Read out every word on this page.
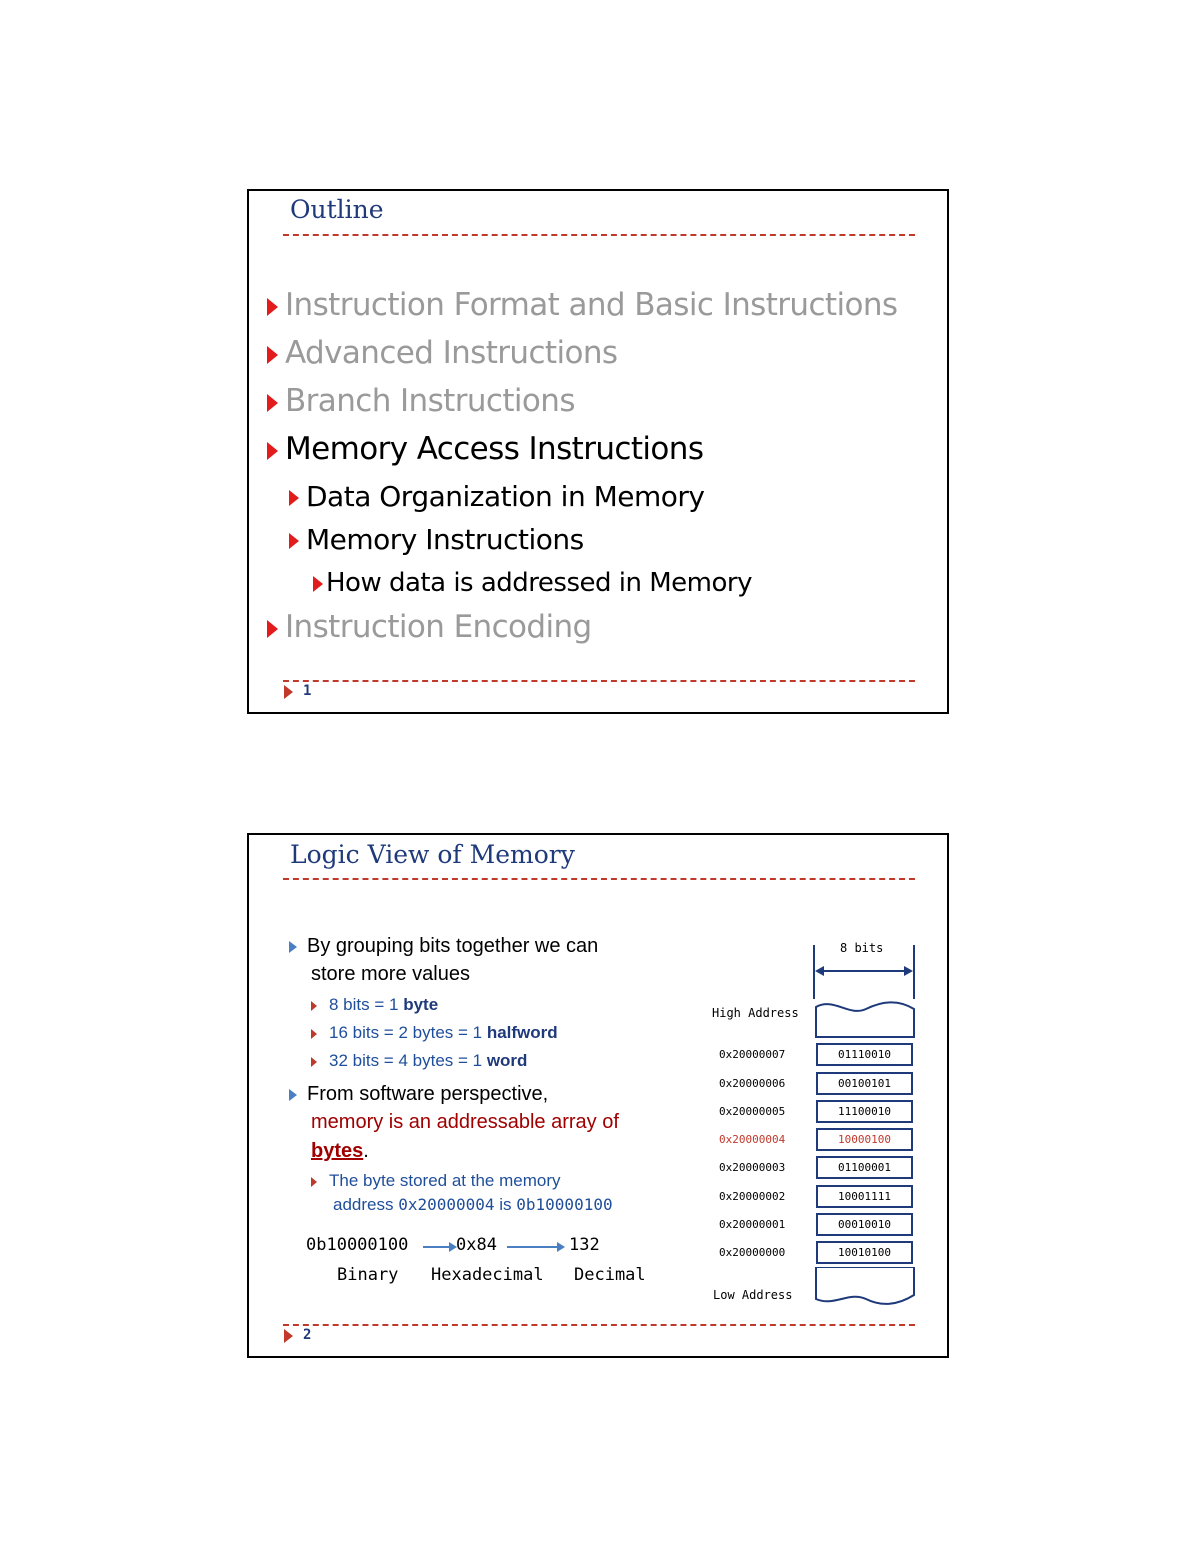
Outline
Instruction Format and Basic Instructions
Advanced Instructions
Branch Instructions
Memory Access Instructions
Data Organization in Memory
Memory Instructions
How data is addressed in Memory
Instruction Encoding
1
Logic View of Memory
By grouping bits together we can
store more values
8 bits = 1 byte
16 bits = 2 bytes = 1 halfword
32 bits = 4 bytes = 1 word
From software perspective,
memory is an addressable array of
bytes.
The byte stored at the memory
address 0x20000004 is 0b10000100
0b10000100	0x84	132
Binary Hexadecimal Decimal
8 bits
High Address
0x20000007	01110010
0x20000006	00100101
0x20000005	11100010
0x20000004	10000100
0x20000003	01100001
0x20000002	10001111
0x20000001	00010010
0x20000000	10010100
Low Address
2
